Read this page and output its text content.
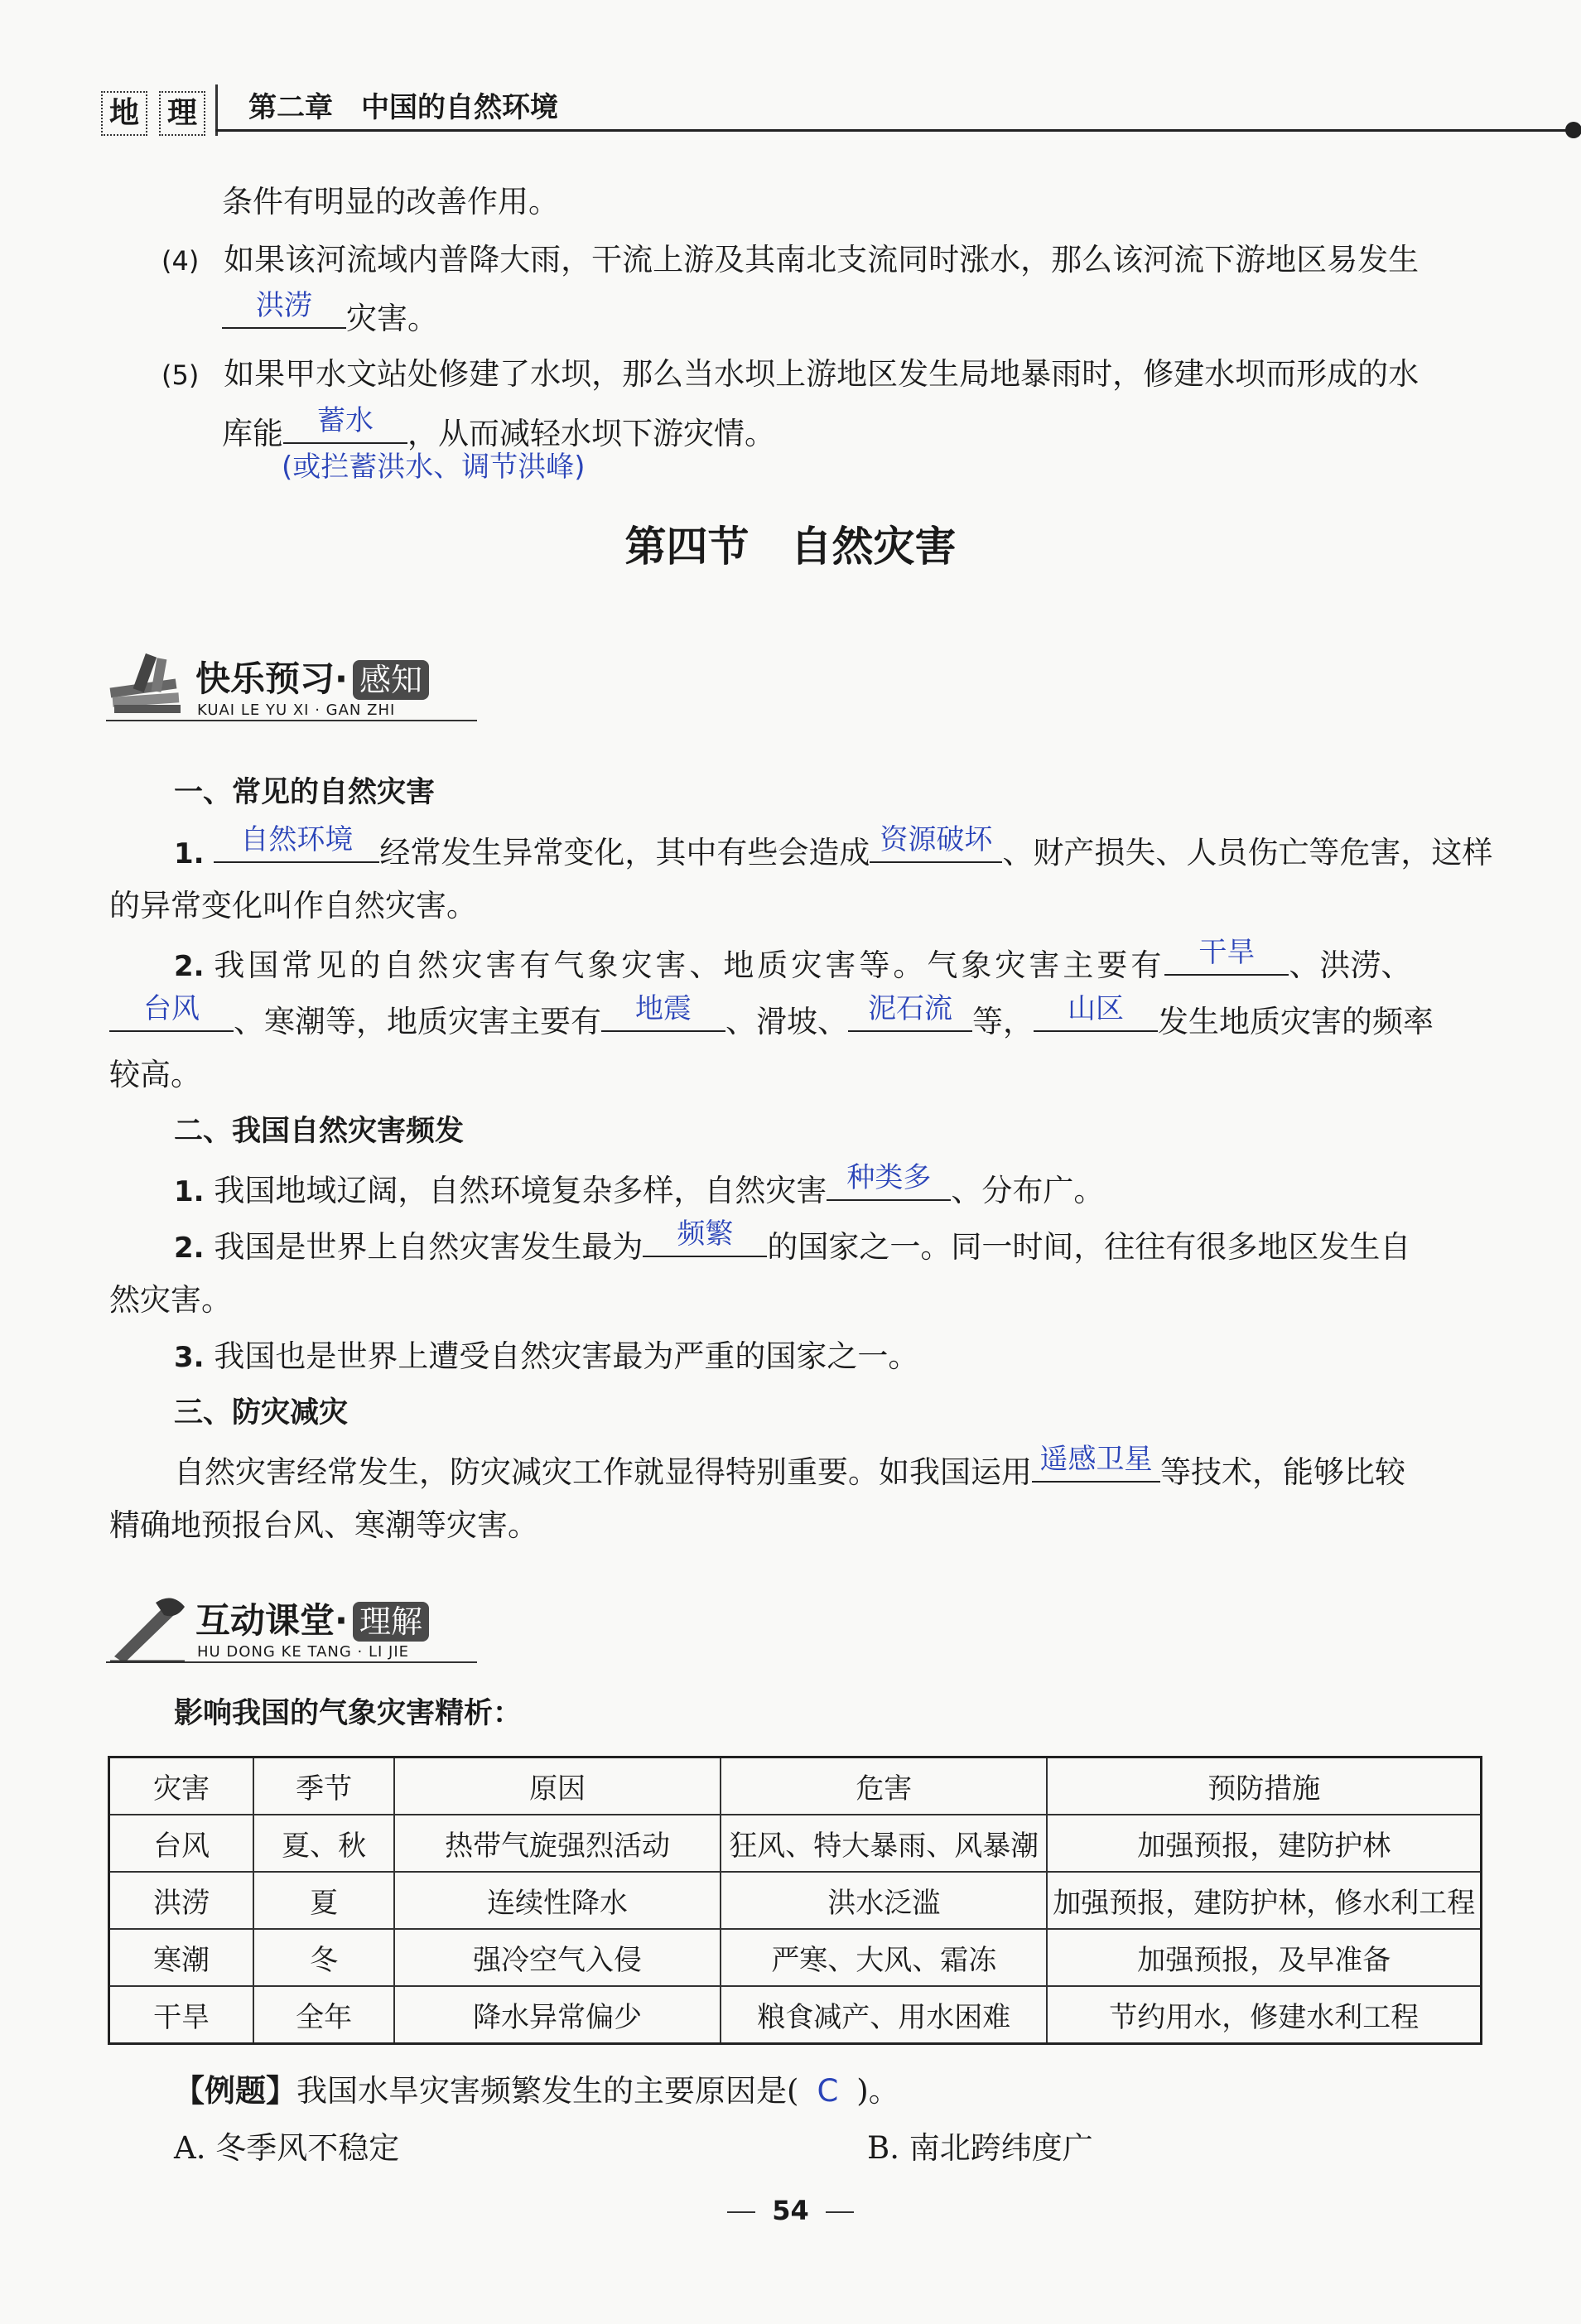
地 理 第二章　中国的自然环境
条件有明显的改善作用。
(4) 如果该河流域内普降大雨，干流上游及其南北支流同时涨水，那么该河流下游地区易发生
洪涝	灾害。
(5) 如果甲水文站处修建了水坝，那么当水坝上游地区发生局地暴雨时，修建水坝而形成的水
库能	蓄水	，从而减轻水坝下游灾情。
(或拦蓄洪水、调节洪峰)
第四节　自然灾害
快乐预习· 感知
KUAI LE YU XI · GAN ZHI
一、常见的自然灾害
1.	自然环境 经常发生异常变化，其中有些会造成 资源破坏 、财产损失、人员伤亡等危害，这样
的异常变化叫作自然灾害。
2. 我国常见的自然灾害有气象灾害、地质灾害等。气象灾害主要有	干旱	、洪涝、
台风	、寒潮等，地质灾害主要有	地震	、滑坡、 泥石流 等，	山区	发生地质灾害的频率
较高。
二、我国自然灾害频发
1. 我国地域辽阔，自然环境复杂多样，自然灾害 种类多 、分布广。
2. 我国是世界上自然灾害发生最为	频繁	的国家之一。同一时间，往往有很多地区发生自
然灾害。
3. 我国也是世界上遭受自然灾害最为严重的国家之一。
三、防灾减灾
自然灾害经常发生，防灾减灾工作就显得特别重要。如我国运用 遥感卫星 等技术，能够比较
精确地预报台风、寒潮等灾害。
互动课堂· 理解
HU DONG KE TANG · LI JIE
影响我国的气象灾害精析：
灾害	季节	原因	危害	预防措施
台风	夏、秋	热带气旋强烈活动	狂风、特大暴雨、风暴潮	加强预报，建防护林
洪涝	夏	连续性降水	洪水泛滥	加强预报，建防护林，修水利工程
寒潮	冬	强冷空气入侵	严寒、大风、霜冻	加强预报，及早准备
干旱	全年	降水异常偏少	粮食减产、用水困难	节约用水，修建水利工程
【例题】我国水旱灾害频繁发生的主要原因是( C )。
A. 冬季风不稳定	B. 南北跨纬度广
54
